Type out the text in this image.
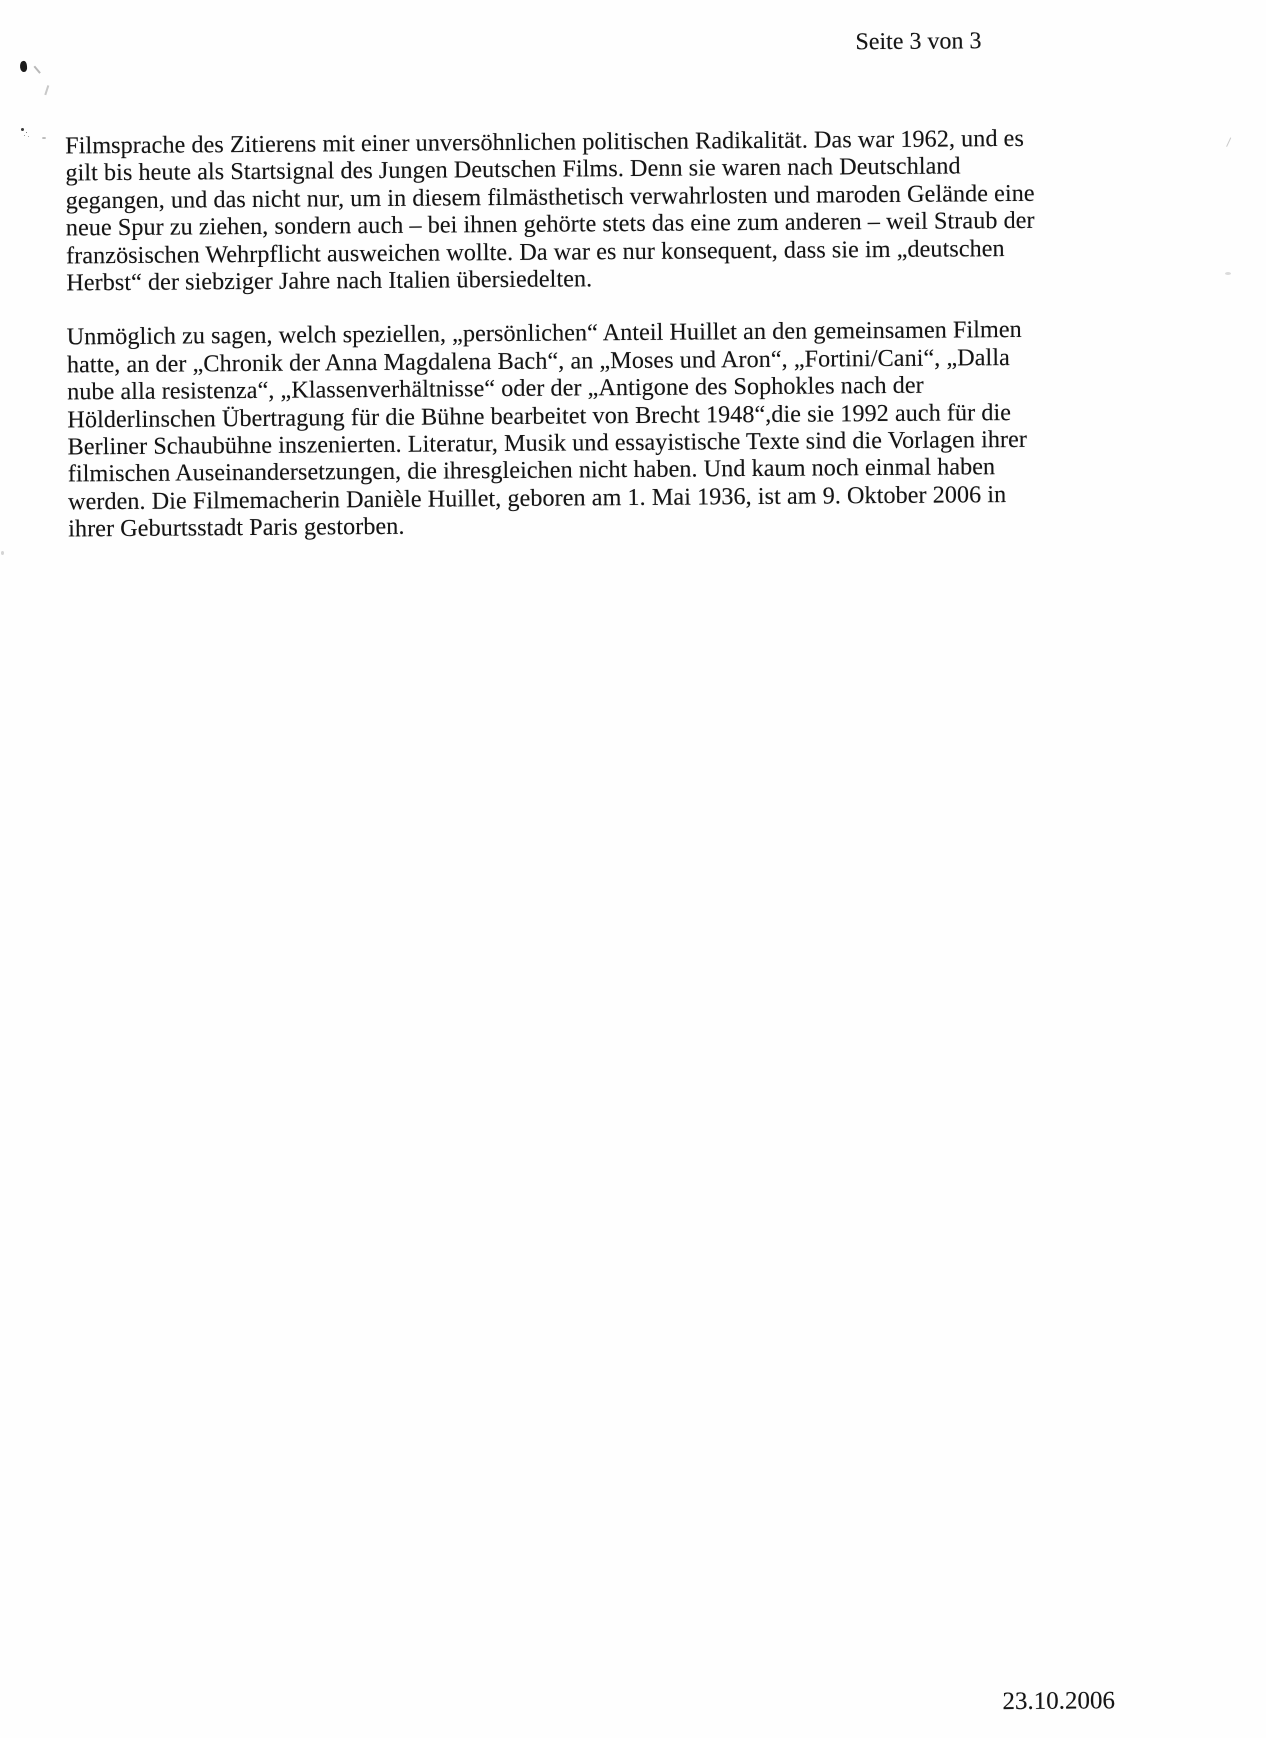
Seite 3 von 3
Filmsprache des Zitierens mit einer unversöhnlichen politischen Radikalität. Das war 1962, und es
gilt bis heute als Startsignal des Jungen Deutschen Films. Denn sie waren nach Deutschland
gegangen, und das nicht nur, um in diesem filmästhetisch verwahrlosten und maroden Gelände eine
neue Spur zu ziehen, sondern auch – bei ihnen gehörte stets das eine zum anderen – weil Straub der
französischen Wehrpflicht ausweichen wollte. Da war es nur konsequent, dass sie im „deutschen
Herbst“ der siebziger Jahre nach Italien übersiedelten.
Unmöglich zu sagen, welch speziellen, „persönlichen“ Anteil Huillet an den gemeinsamen Filmen
hatte, an der „Chronik der Anna Magdalena Bach“, an „Moses und Aron“, „Fortini/Cani“, „Dalla
nube alla resistenza“, „Klassenverhältnisse“ oder der „Antigone des Sophokles nach der
Hölderlinschen Übertragung für die Bühne bearbeitet von Brecht 1948“,die sie 1992 auch für die
Berliner Schaubühne inszenierten. Literatur, Musik und essayistische Texte sind die Vorlagen ihrer
filmischen Auseinandersetzungen, die ihresgleichen nicht haben. Und kaum noch einmal haben
werden. Die Filmemacherin Danièle Huillet, geboren am 1. Mai 1936, ist am 9. Oktober 2006 in
ihrer Geburtsstadt Paris gestorben.
23.10.2006
